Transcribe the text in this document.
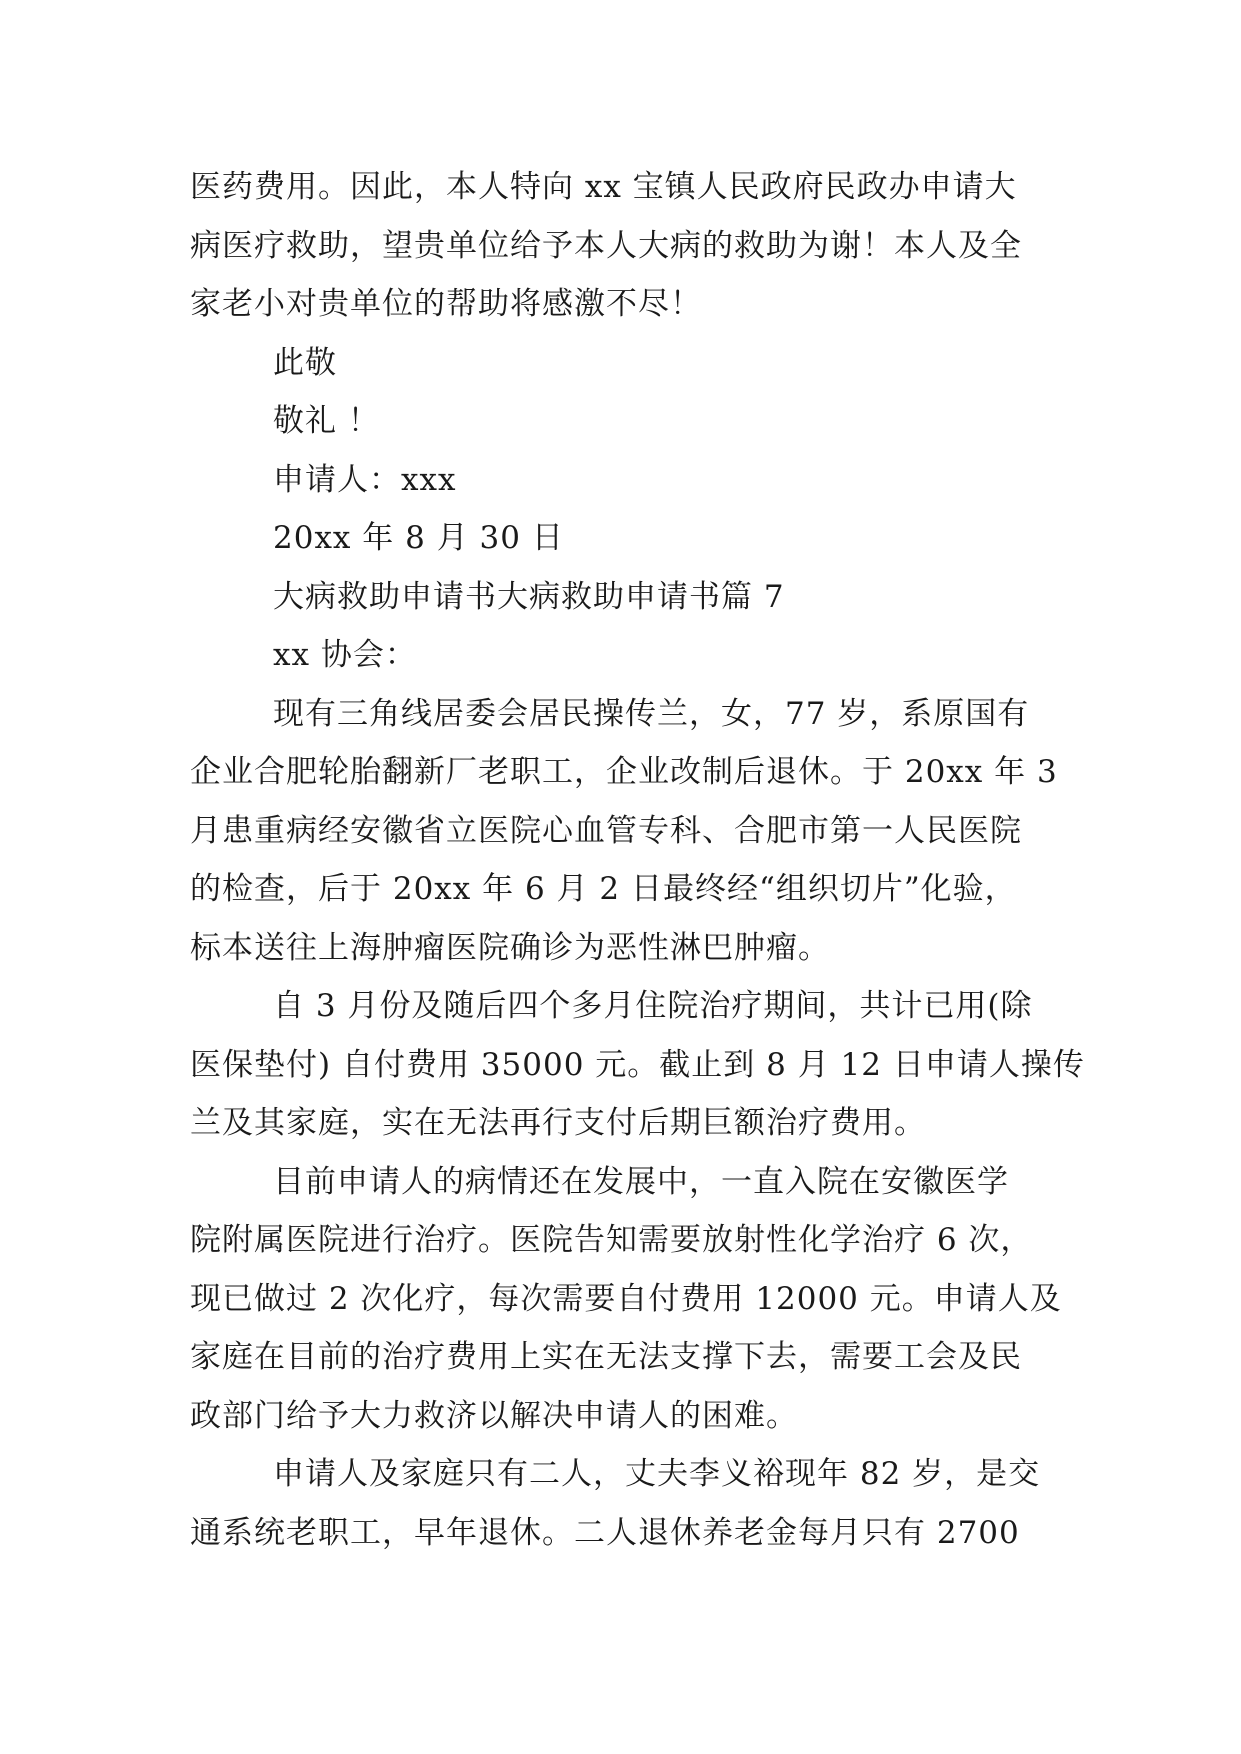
医药费用。因此，本人特向 xx 宝镇人民政府民政办申请大
病医疗救助，望贵单位给予本人大病的救助为谢！本人及全
家老小对贵单位的帮助将感激不尽！
此敬
敬礼 ！
申请人：xxx
20xx 年 8 月 30 日
大病救助申请书大病救助申请书篇 7
xx 协会：
现有三角线居委会居民操传兰，女，77 岁，系原国有
企业合肥轮胎翻新厂老职工，企业改制后退休。于 20xx 年 3
月患重病经安徽省立医院心血管专科、合肥市第一人民医院
的检查，后于 20xx 年 6 月 2 日最终经“组织切片”化验，
标本送往上海肿瘤医院确诊为恶性淋巴肿瘤。
自 3 月份及随后四个多月住院治疗期间，共计已用(除
医保垫付) 自付费用 35000 元。截止到 8 月 12 日申请人操传
兰及其家庭，实在无法再行支付后期巨额治疗费用。
目前申请人的病情还在发展中，一直入院在安徽医学
院附属医院进行治疗。医院告知需要放射性化学治疗 6 次，
现已做过 2 次化疗，每次需要自付费用 12000 元。申请人及
家庭在目前的治疗费用上实在无法支撑下去，需要工会及民
政部门给予大力救济以解决申请人的困难。
申请人及家庭只有二人，丈夫李义裕现年 82 岁，是交
通系统老职工，早年退休。二人退休养老金每月只有 2700
